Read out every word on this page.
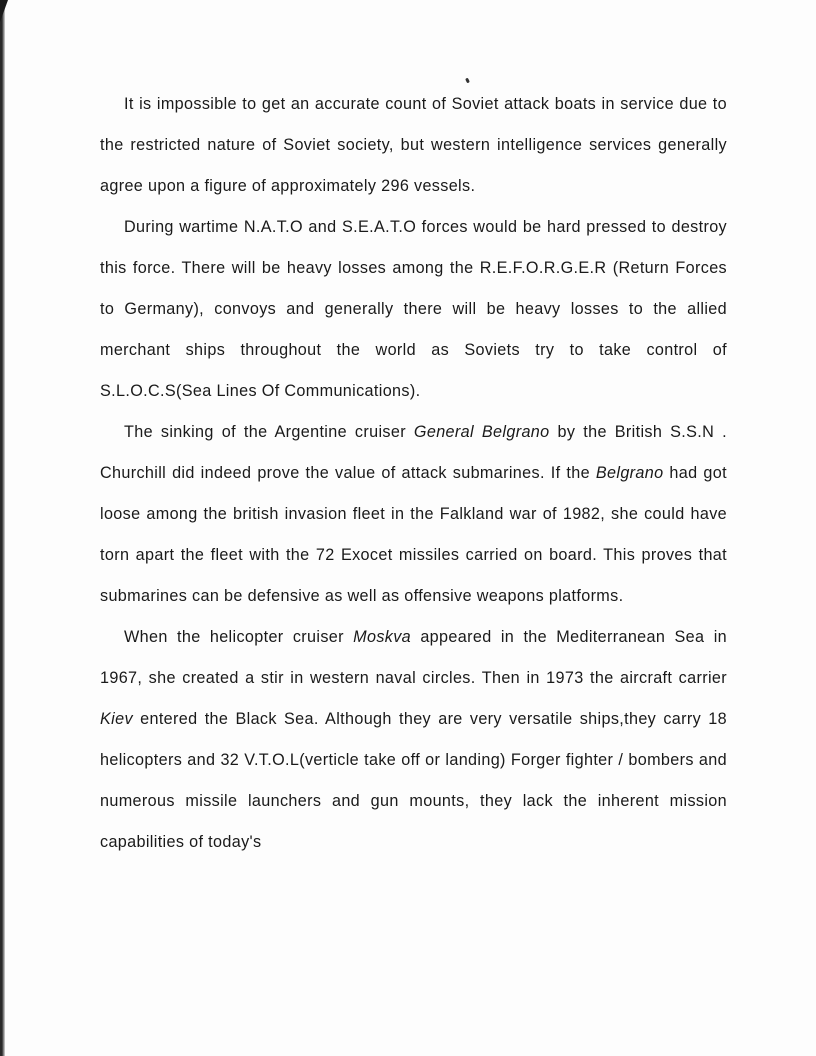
It is impossible to get an accurate count of Soviet attack boats in service due to the restricted nature of Soviet society, but western intelligence services generally agree upon a figure of approximately 296 vessels.

During wartime N.A.T.O and S.E.A.T.O forces would be hard pressed to destroy this force. There will be heavy losses among the R.E.F.O.R.G.E.R (Return Forces to Germany), convoys and generally there will be heavy losses to the allied merchant ships throughout the world as Soviets try to take control of S.L.O.C.S(Sea Lines Of Communications).

The sinking of the Argentine cruiser General Belgrano by the British S.S.N . Churchill did indeed prove the value of attack submarines. If the Belgrano had got loose among the british invasion fleet in the Falkland war of 1982, she could have torn apart the fleet with the 72 Exocet missiles carried on board. This proves that submarines can be defensive as well as offensive weapons platforms.

When the helicopter cruiser Moskva appeared in the Mediterranean Sea in 1967, she created a stir in western naval circles. Then in 1973 the aircraft carrier Kiev entered the Black Sea. Although they are very versatile ships,they carry 18 helicopters and 32 V.T.O.L(verticle take off or landing) Forger fighter / bombers and numerous missile launchers and gun mounts, they lack the inherent mission capabilities of today's
